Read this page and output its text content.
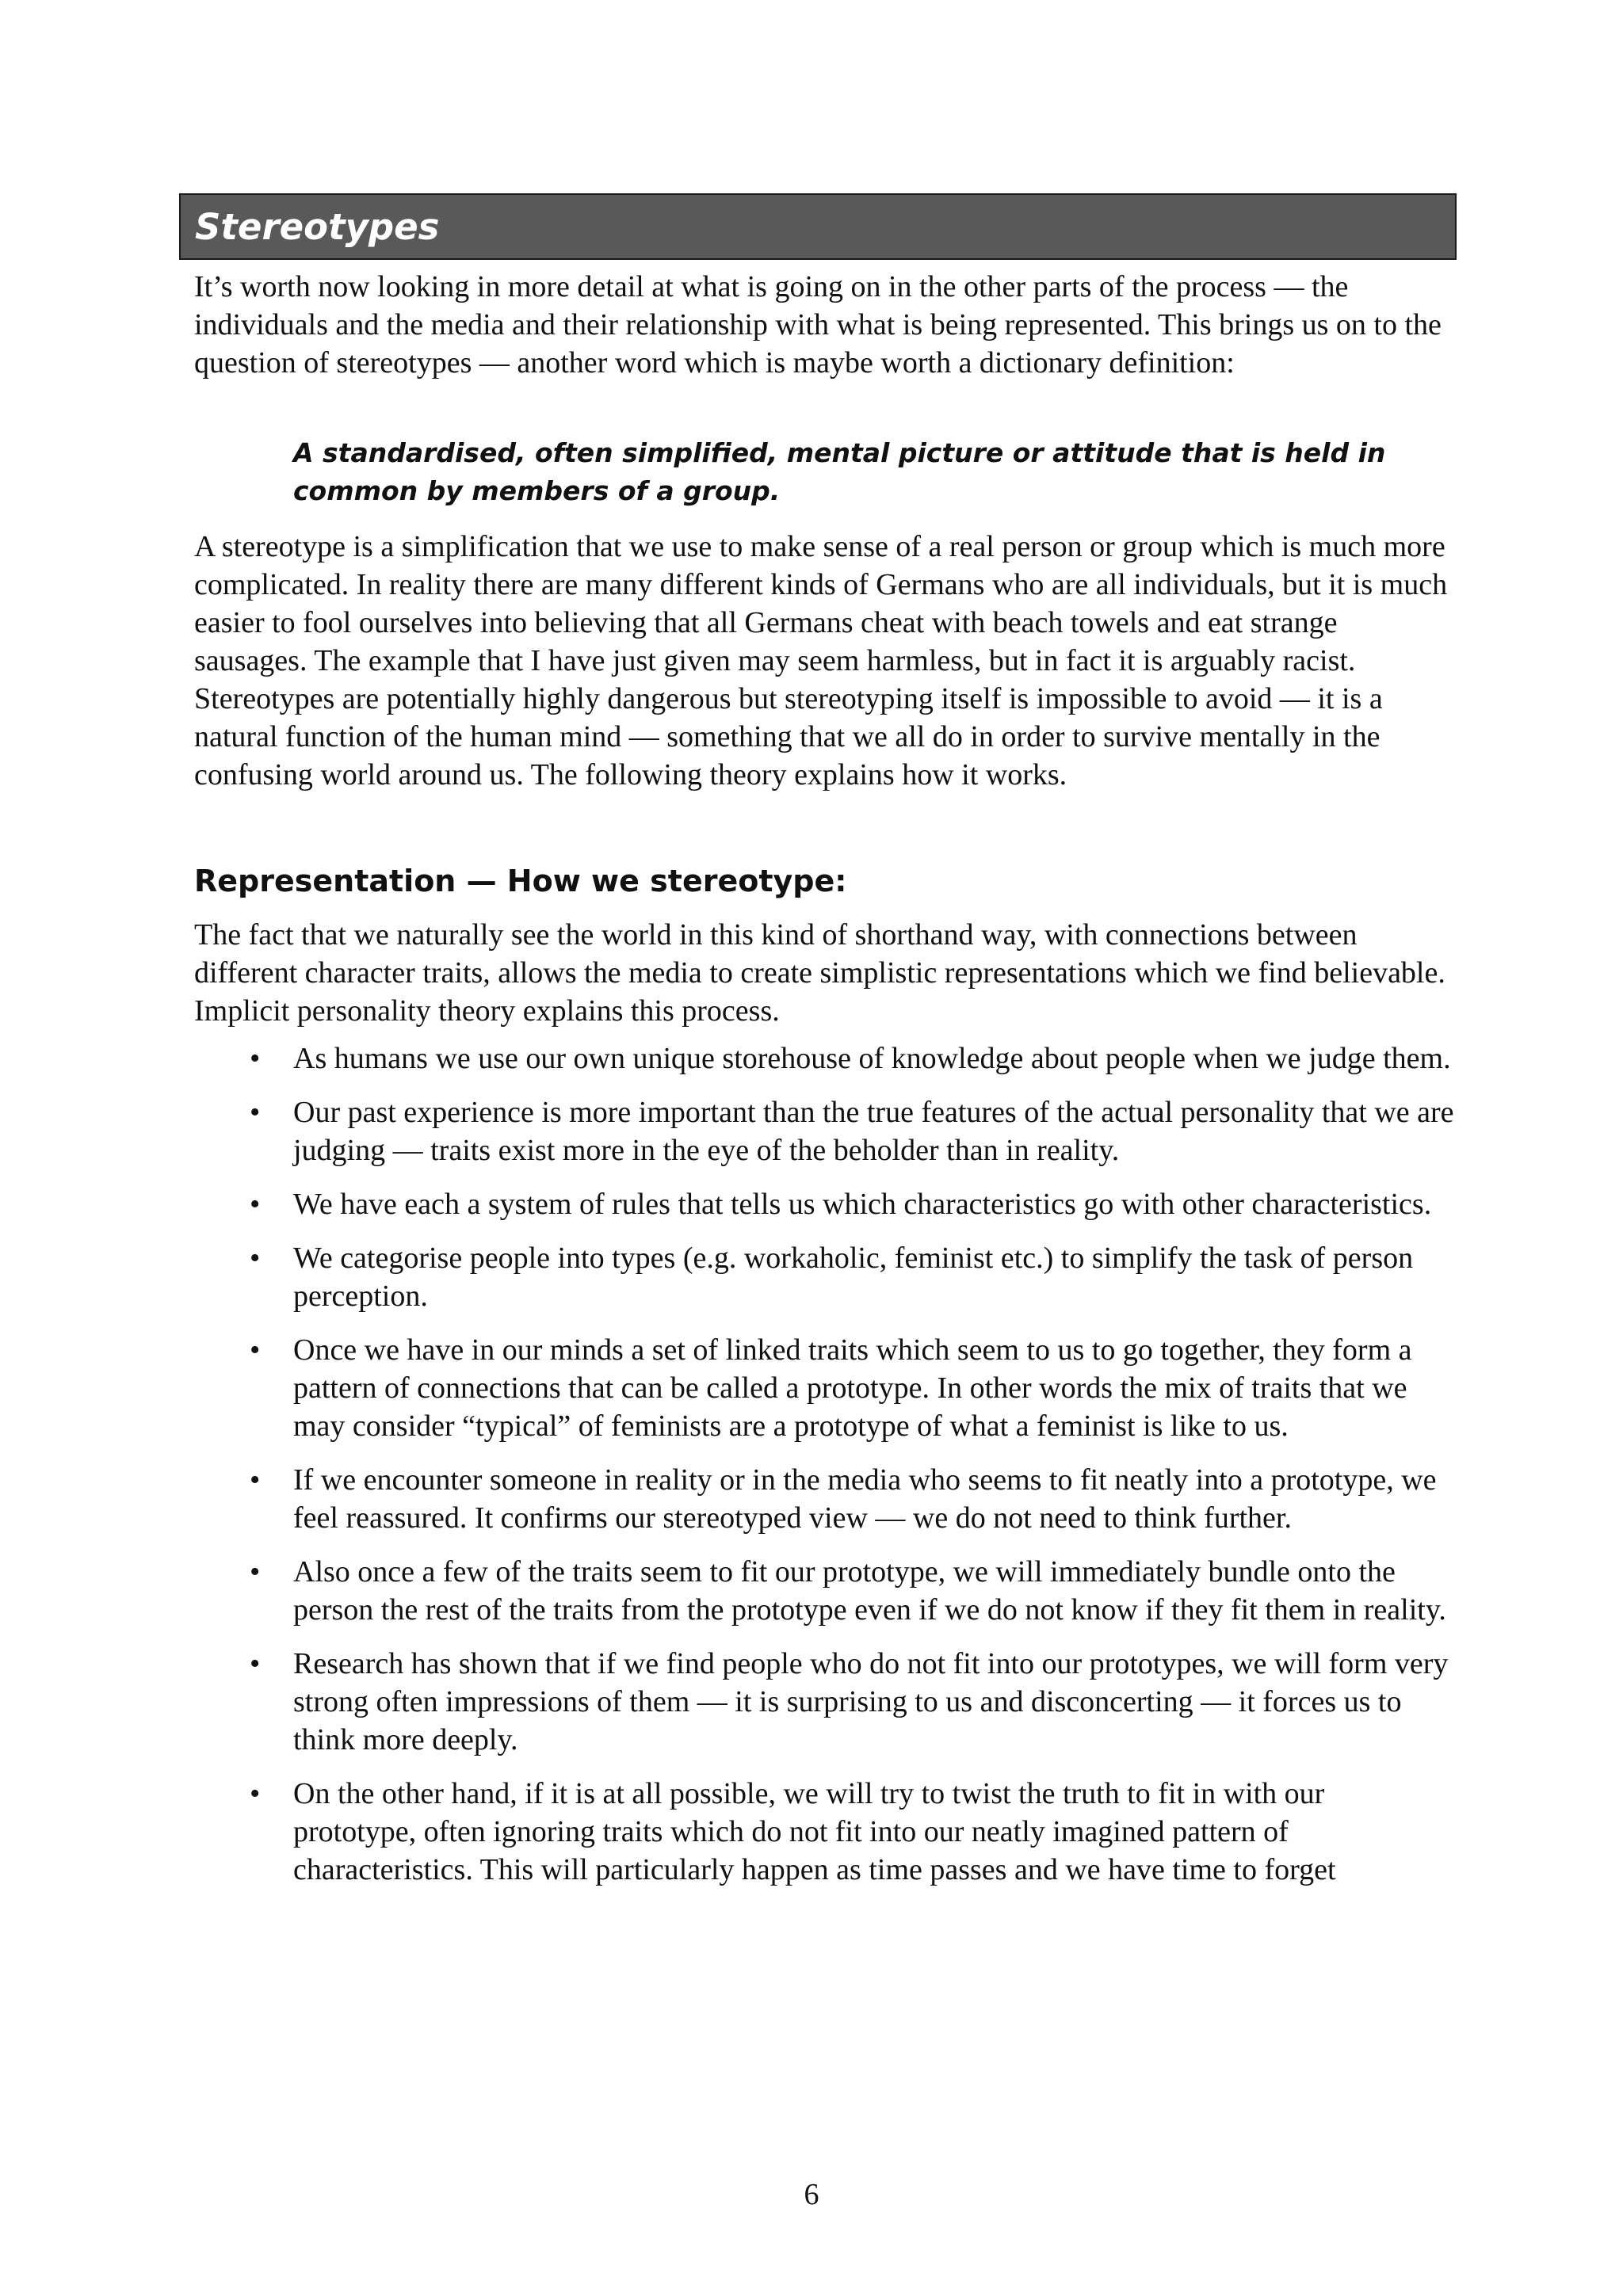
Stereotypes

It’s worth now looking in more detail at what is going on in the other parts of the process — the individuals and the media and their relationship with what is being represented. This brings us on to the question of stereotypes — another word which is maybe worth a dictionary definition:

A standardised, often simplified, mental picture or attitude that is held in common by members of a group.

A stereotype is a simplification that we use to make sense of a real person or group which is much more complicated. In reality there are many different kinds of Germans who are all individuals, but it is much easier to fool ourselves into believing that all Germans cheat with beach towels and eat strange sausages. The example that I have just given may seem harmless, but in fact it is arguably racist. Stereotypes are potentially highly dangerous but stereotyping itself is impossible to avoid — it is a natural function of the human mind — something that we all do in order to survive mentally in the confusing world around us. The following theory explains how it works.

Representation — How we stereotype:

The fact that we naturally see the world in this kind of shorthand way, with connections between different character traits, allows the media to create simplistic representations which we find believable. Implicit personality theory explains this process.

• As humans we use our own unique storehouse of knowledge about people when we judge them.
• Our past experience is more important than the true features of the actual personality that we are judging — traits exist more in the eye of the beholder than in reality.
• We have each a system of rules that tells us which characteristics go with other characteristics.
• We categorise people into types (e.g. workaholic, feminist etc.) to simplify the task of person perception.
• Once we have in our minds a set of linked traits which seem to us to go together, they form a pattern of connections that can be called a prototype. In other words the mix of traits that we may consider “typical” of feminists are a prototype of what a feminist is like to us.
• If we encounter someone in reality or in the media who seems to fit neatly into a prototype, we feel reassured. It confirms our stereotyped view — we do not need to think further.
• Also once a few of the traits seem to fit our prototype, we will immediately bundle onto the person the rest of the traits from the prototype even if we do not know if they fit them in reality.
• Research has shown that if we find people who do not fit into our prototypes, we will form very strong often impressions of them — it is surprising to us and disconcerting — it forces us to think more deeply.
• On the other hand, if it is at all possible, we will try to twist the truth to fit in with our prototype, often ignoring traits which do not fit into our neatly imagined pattern of characteristics. This will particularly happen as time passes and we have time to forget
6
